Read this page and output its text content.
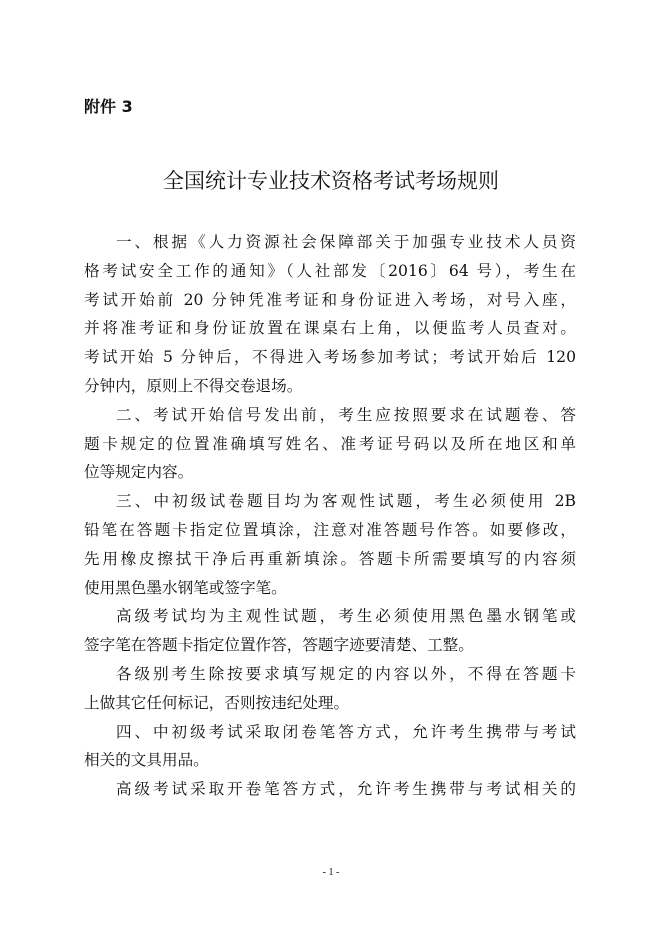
附件 3
全国统计专业技术资格考试考场规则
一、根据《人力资源社会保障部关于加强专业技术人员资
格考试安全工作的通知》（人社部发〔2016〕64 号），考生在
考试开始前 20 分钟凭准考证和身份证进入考场，对号入座，
并将准考证和身份证放置在课桌右上角，以便监考人员查对。
考试开始 5 分钟后，不得进入考场参加考试；考试开始后 120
分钟内，原则上不得交卷退场。
二、考试开始信号发出前，考生应按照要求在试题卷、答
题卡规定的位置准确填写姓名、准考证号码以及所在地区和单
位等规定内容。
三、中初级试卷题目均为客观性试题，考生必须使用 2B
铅笔在答题卡指定位置填涂，注意对准答题号作答。如要修改，
先用橡皮擦拭干净后再重新填涂。答题卡所需要填写的内容须
使用黑色墨水钢笔或签字笔。
高级考试均为主观性试题，考生必须使用黑色墨水钢笔或
签字笔在答题卡指定位置作答，答题字迹要清楚、工整。
各级别考生除按要求填写规定的内容以外，不得在答题卡
上做其它任何标记，否则按违纪处理。
四、中初级考试采取闭卷笔答方式，允许考生携带与考试
相关的文具用品。
高级考试采取开卷笔答方式，允许考生携带与考试相关的
- 1 -
